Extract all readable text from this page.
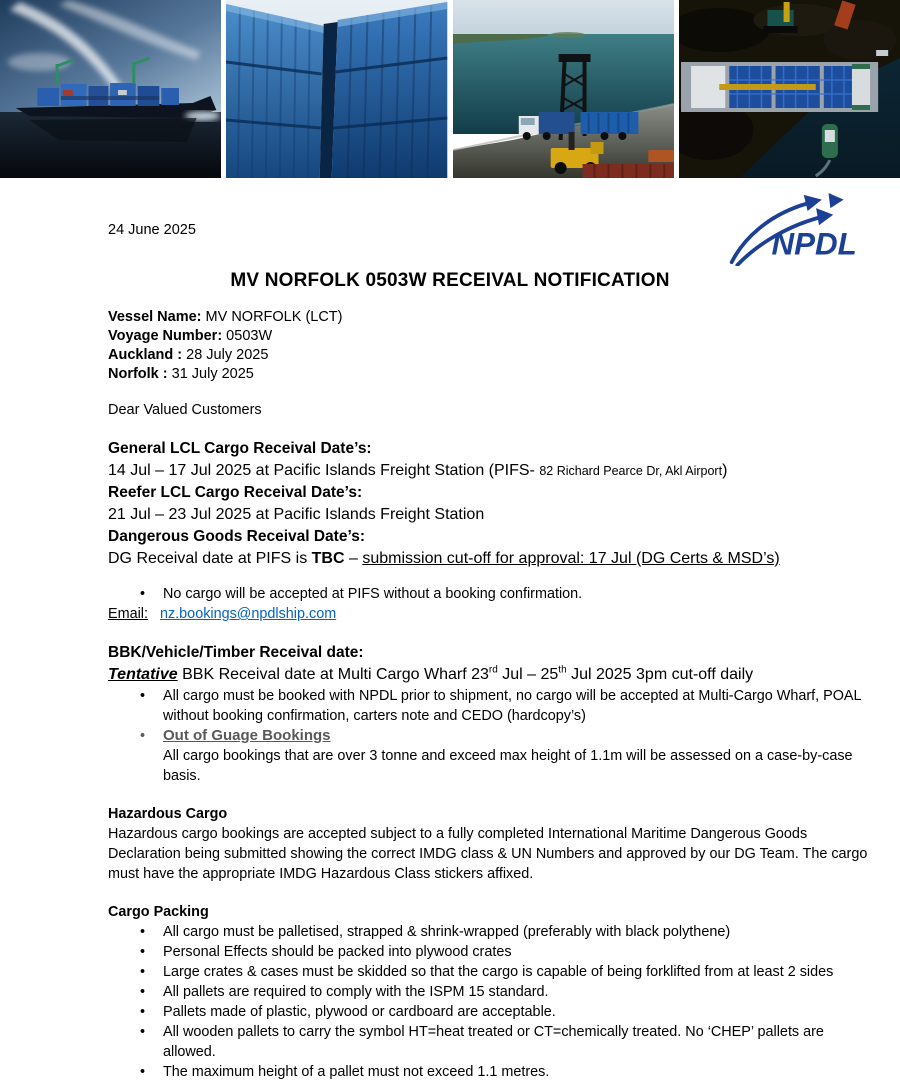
24 June 2025	NPDL
MV NORFOLK 0503W RECEIVAL NOTIFICATION
Vessel Name: MV NORFOLK (LCT)
Voyage Number: 0503W
Auckland : 28 July 2025
Norfolk : 31 July 2025
Dear Valued Customers
General LCL Cargo Receival Date’s:
14 Jul – 17 Jul 2025 at Pacific Islands Freight Station (PIFS- 82 Richard Pearce Dr, Akl Airport)
Reefer LCL Cargo Receival Date’s:
21 Jul – 23 Jul 2025 at Pacific Islands Freight Station
Dangerous Goods Receival Date’s:
DG Receival date at PIFS is TBC – submission cut-off for approval: 17 Jul (DG Certs & MSD’s)
•	No cargo will be accepted at PIFS without a booking confirmation.
Email: nz.bookings@npdlship.com
BBK/Vehicle/Timber Receival date:
Tentative BBK Receival date at Multi Cargo Wharf 23rd Jul – 25th Jul 2025 3pm cut-off daily
•	All cargo must be booked with NPDL prior to shipment, no cargo will be accepted at Multi-Cargo Wharf, POAL without booking confirmation, carters note and CEDO (hardcopy’s)
•	Out of Guage Bookings
All cargo bookings that are over 3 tonne and exceed max height of 1.1m will be assessed on a case-by-case basis.
Hazardous Cargo
Hazardous cargo bookings are accepted subject to a fully completed International Maritime Dangerous Goods Declaration being submitted showing the correct IMDG class & UN Numbers and approved by our DG Team. The cargo must have the appropriate IMDG Hazardous Class stickers affixed.
Cargo Packing
•	All cargo must be palletised, strapped & shrink-wrapped (preferably with black polythene)
•	Personal Effects should be packed into plywood crates
•	Large crates & cases must be skidded so that the cargo is capable of being forklifted from at least 2 sides
•	All pallets are required to comply with the ISPM 15 standard.
•	Pallets made of plastic, plywood or cardboard are acceptable.
•	All wooden pallets to carry the symbol HT=heat treated or CT=chemically treated. No ‘CHEP’ pallets are allowed.
•	The maximum height of a pallet must not exceed 1.1 metres.
